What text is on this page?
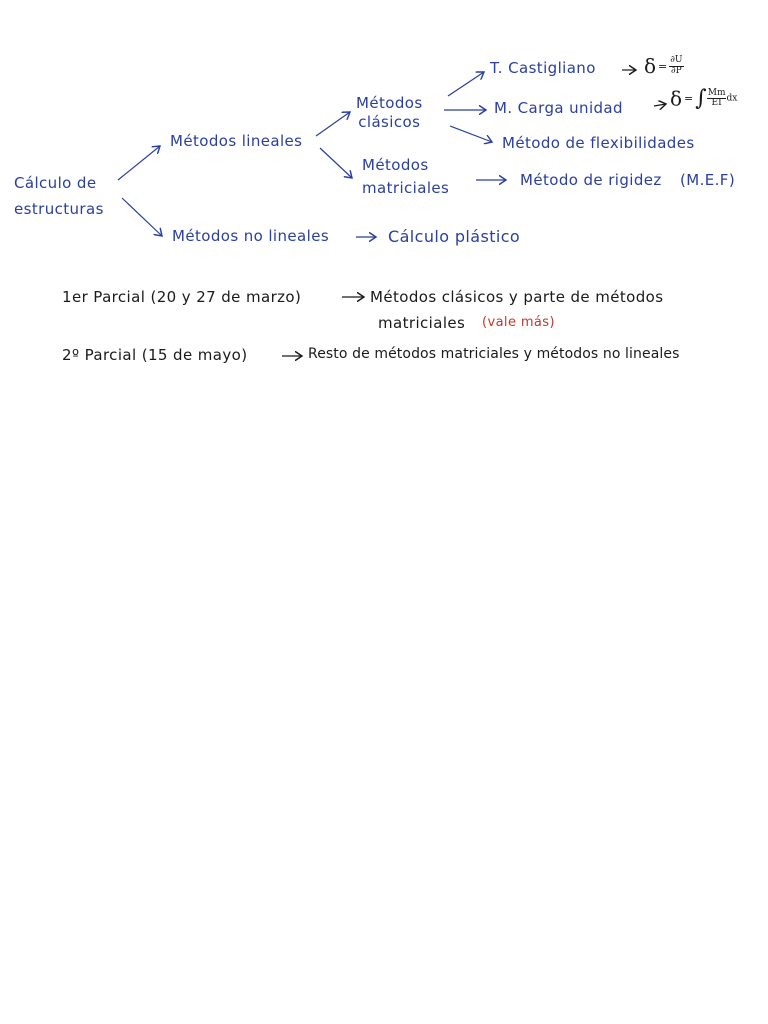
Cálculo de
estructuras
Métodos lineales
Métodos no lineales	Cálculo plástico
Métodos
clásicos
Métodos
matriciales
T. Castigliano
M. Carga unidad
Método de flexibilidades
Método de rigidez (M.E.F)
$\delta = \frac{\partial U}{\partial P}$
δ =∫ $\frac{Mm}{EI}$ dx
1er Parcial (20 y 27 de marzo)	Métodos clásicos y parte de métodos
matriciales (vale más)
2º Parcial (15 de mayo)	Resto de métodos matriciales y métodos no lineales
